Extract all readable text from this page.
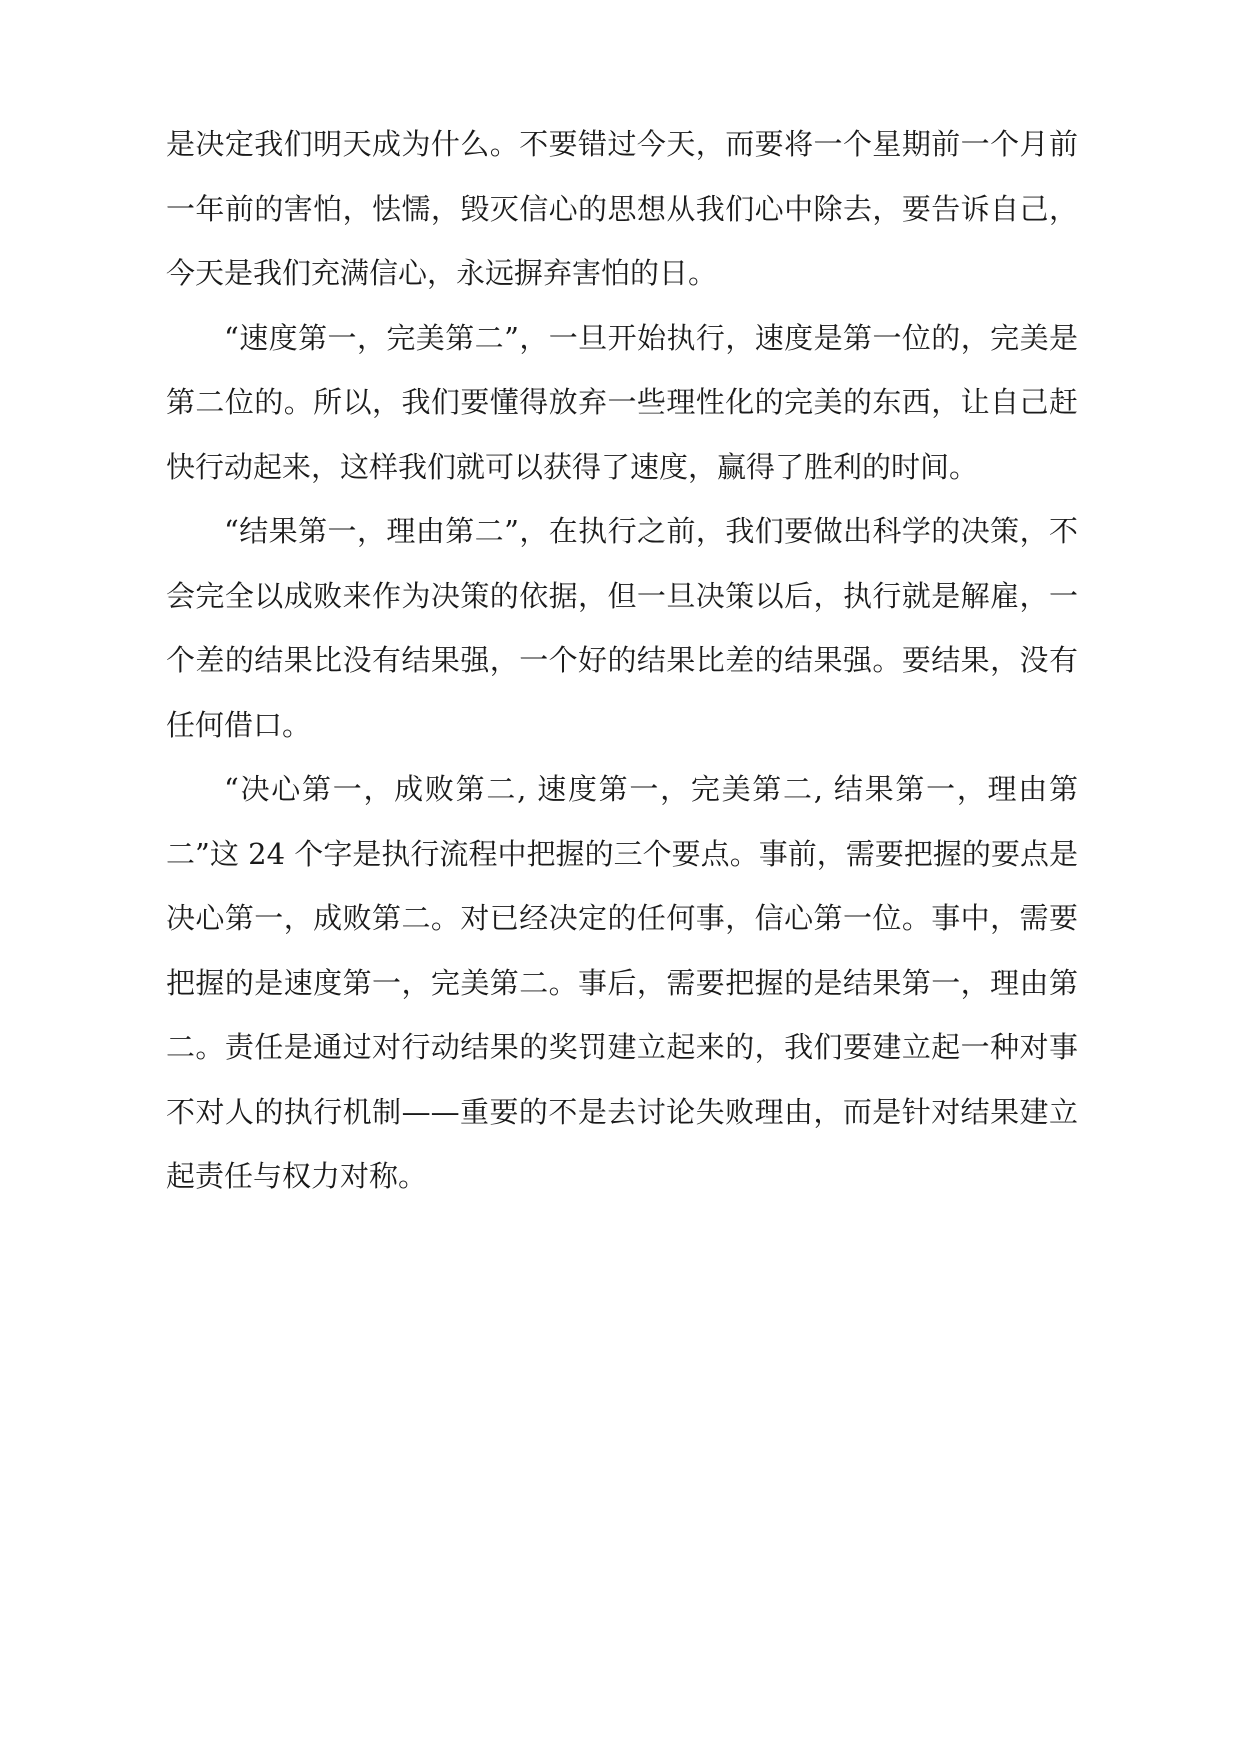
是决定我们明天成为什么。不要错过今天，而要将一个星期前一个月前一年前的害怕，怯懦，毁灭信心的思想从我们心中除去，要告诉自己，今天是我们充满信心，永远摒弃害怕的日。

“速度第一，完美第二”，一旦开始执行，速度是第一位的，完美是第二位的。所以，我们要懂得放弃一些理性化的完美的东西，让自己赶快行动起来，这样我们就可以获得了速度，赢得了胜利的时间。

“结果第一，理由第二”，在执行之前，我们要做出科学的决策，不会完全以成败来作为决策的依据，但一旦决策以后，执行就是解雇，一个差的结果比没有结果强，一个好的结果比差的结果强。要结果，没有任何借口。

“决心第一，成败第二, 速度第一，完美第二, 结果第一，理由第二”这 24 个字是执行流程中把握的三个要点。事前，需要把握的要点是决心第一，成败第二。对已经决定的任何事，信心第一位。事中，需要把握的是速度第一，完美第二。事后，需要把握的是结果第一，理由第二。责任是通过对行动结果的奖罚建立起来的，我们要建立起一种对事不对人的执行机制——重要的不是去讨论失败理由，而是针对结果建立起责任与权力对称。
